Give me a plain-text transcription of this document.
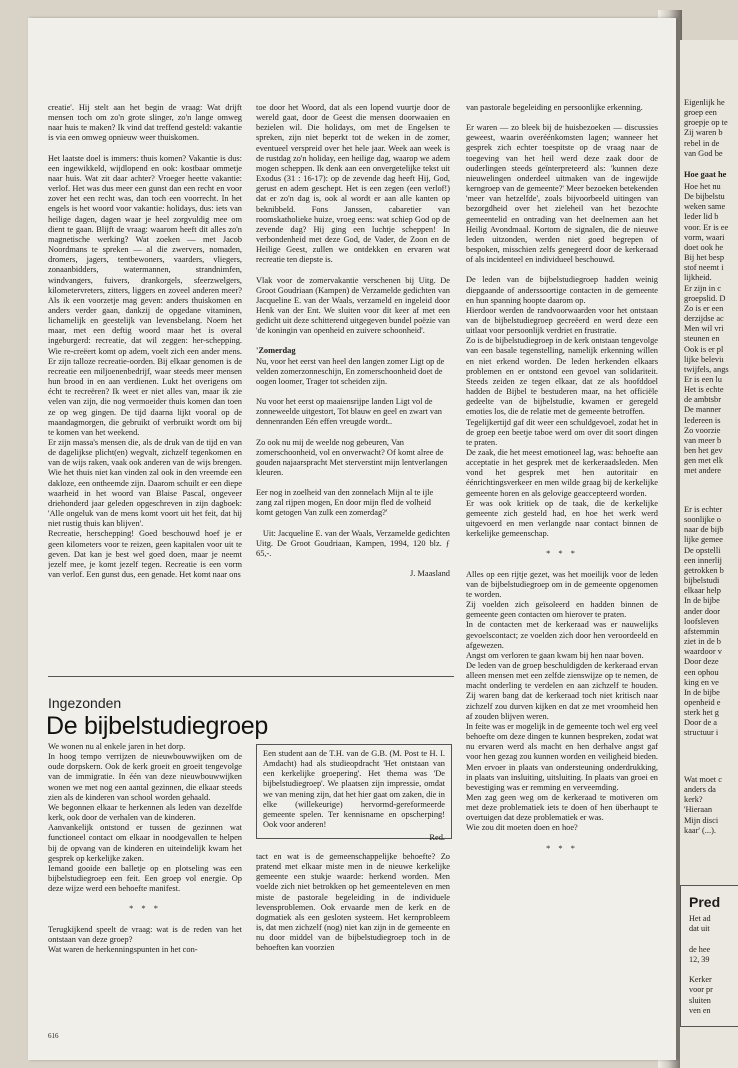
creatie'. Hij stelt aan het begin de vraag: Wat drijft mensen toch om zo'n grote slinger, zo'n lange omweg naar huis te maken? Ik vind dat treffend gesteld: vakantie is via een omweg opnieuw weer thuiskomen.

Het laatste doel is immers: thuis komen? Vakantie is dus: een ingewikkeld, wijdlopend en ook: kostbaar ommetje naar huis. Wat zit daar achter? Vroeger heette vakantie: verlof. Het was dus meer een gunst dan een recht en voor zover het een recht was, dan toch een voorrecht. In het engels is het woord voor vakantie: holidays, dus: iets van heilige dagen, dagen waar je heel zorgvuldig mee om dient te gaan. Blijft de vraag: waarom heeft dit alles zo'n magnetische werking? Wat zoeken — met Jacob Noordmans te spreken — al die zwervers, nomaden, dromers, jagers, tentbewoners, vaarders, vliegers, zonaanbidders, watermannen, strandnimfen, windvangers, fuivers, drankorgels, sfeerzwelgers, kilometervreters, zitters, liggers en zoveel anderen meer? Als ik een voorzetje mag geven: anders thuiskomen en anders verder gaan, dankzij de opgedane vitaminen, lichamelijk en geestelijk van levensbelang. Noem het maar, met een deftig woord maar het is overal ingeburgerd: recreatie, dat wil zeggen: her-schepping. Wie re-creëert komt op adem, voelt zich een ander mens. Er zijn talloze recreatie-oorden. Bij elkaar genomen is de recreatie een miljoenenbedrijf, waar steeds meer mensen hun brood in en aan verdienen. Lukt het overigens om écht te recreëren? Ik weet er niet alles van, maar ik zie velen van zijn, die nog vermoeider thuis komen dan toen ze op weg gingen. De tijd daarna lijkt vooral op de maandagmorgen, die gebruikt of verbruikt wordt om bij te komen van het weekend.

Er zijn massa's mensen die, als de druk van de tijd en van de dagelijkse plicht(en) wegvalt, zichzelf tegenkomen en van de wijs raken, vaak ook anderen van de wijs brengen. Wie het thuis niet kan vinden zal ook in den vreemde een dakloze, een ontheemde zijn. Daarom schuilt er een diepe waarheid in het woord van Blaise Pascal, ongeveer driehonderd jaar geleden opgeschreven in zijn dagboek: 'Alle ongeluk van de mens komt voort uit het feit, dat hij niet rustig thuis kan blijven'.

Recreatie, herschepping! Goed beschouwd hoef je er geen kilometers voor te reizen, geen kapitalen voor uit te geven. Dat kan je best wel goed doen, maar je neemt jezelf mee, je komt jezelf tegen. Recreatie is een vorm van verlof. Een gunst dus, een genade. Het komt naar ons

toe door het Woord, dat als een lopend vuurtje door de wereld gaat, door de Geest die mensen doorwaaien en bezielen wil. Die holidays, om met de Engelsen te spreken, zijn niet beperkt tot de weken in de zomer, eventueel verspreid over het hele jaar. Week aan week is de rustdag zo'n holiday, een heilige dag, waarop we adem mogen scheppen. Ik denk aan een onvergetelijke tekst uit Exodus (31 : 16-17): op de zevende dag heeft Hij, God, gerust en adem geschept. Het is een zegen (een verlof!) dat er zo'n dag is, ook al wordt er aan alle kanten op beknibbeld. Fons Janssen, cabaretier van roomskatholieke huize, vroeg eens: wat schiep God op de zevende dag? Hij ging een luchtje scheppen! In verbondenheid met deze God, de Vader, de Zoon en de Heilige Geest, zullen we ontdekken en ervaren wat recreatie ten diepste is.

Vlak voor de zomervakantie verschenen bij Uitg. De Groot Goudriaan (Kampen) de Verzamelde gedichten van Jacqueline E. van der Waals, verzameld en ingeleid door Henk van der Ent. We sluiten voor dit keer af met een gedicht uit deze schitterend uitgegeven bundel poëzie van 'de koningin van openheid en zuivere schoonheid'.

'Zomerdag

Nu, voor het eerst van heel den langen zomer Ligt op de velden zomerzonneschijn, En zomerschoonheid doet de oogen loomer, Trager tot scheiden zijn.

Nu voor het eerst op maaiensrijpe landen Ligt vol de zonneweelde uitgestort, Tot blauw en geel en zwart van dennenranden Eén effen vreugde wordt..

Zo ook nu mij de weelde nog gebeuren, Van zomerschoonheid, vol en onverwacht? Of komt alree de gouden najaarspracht Met sterverstint mijn lentverlangen kleuren.

Eer nog in zoelheid van den zonnelach Mijn al te ijle zang zal rijpen mogen, En door mijn fled de volheid komt getogen Van zulk een zomerdag?'

Uit: Jacqueline E. van der Waals, Verzamelde gedichten

Uitg. De Groot Goudriaan, Kampen, 1994, 120 blz. ƒ 65,-.

J. Maasland

van pastorale begeleiding en persoonlijke erkenning.

Er waren — zo bleek bij de huisbezoeken — discussies geweest, waarin overéénkomsten lagen; wanneer het gesprek zich echter toespitste op de vraag naar de toegeving van het heil werd deze zaak door de ouderlingen steeds geïnterpreteerd als: 'kunnen deze nieuwelingen onderdeel uitmaken van de ingewijde kerngroep van de gemeente?' Meer bezoeken betekenden 'meer van hetzelfde', zoals bijvoorbeeld uitingen van bezorgdheid over het zieleheil van het bezochte gemeentelid en ontrading van het deelnemen aan het Heilig Avondmaal. Kortom de signalen, die de nieuwe leden uitzonden, werden niet goed begrepen of bespoken, misschien zelfs genegeerd door de kerkeraad of als incidenteel en individueel beschouwd.

De leden van de bijbelstudiegroep hadden weinig diepgaande of anderssoortige contacten in de gemeente en hun spanning hoopte daarom op.

Hierdoor werden de randvoorwaarden voor het ontstaan van de bijbelstudiegroep gecreëerd en werd deze een uitlaat voor persoonlijk verdriet en frustratie.

Zo is de bijbelstudiegroep in de kerk ontstaan tengevolge van een basale tegenstelling, namelijk erkenning willen en niet erkend worden. De leden herkenden elkaars problemen en er ontstond een gevoel van solidariteit. Steeds zeiden ze tegen elkaar, dat ze als hoofddoel hadden de Bijbel te bestuderen maar, na het officiële gedeelte van de bijbelstudie, kwamen er geregeld emoties los, die de relatie met de gemeente betroffen.

Tegelijkertijd gaf dit weer een schuldgevoel, zodat het in de groep een beetje taboe werd om over dit soort dingen te praten.

De zaak, die het meest emotioneel lag, was: behoefte aan acceptatie in het gesprek met de kerkeraadsleden. Men vond het gesprek met hen autoritair en éénrichtingsverkeer en men wilde graag bij de kerkelijke gemeente horen en als gelovige geaccepteerd worden.

Er was ook kritiek op de taak, die de kerkelijke gemeente zich gesteld had, en hoe het werk werd uitgevoerd en men verlangde naar contact binnen de kerkelijke gemeenschap.

* * *

Alles op een rijtje gezet, was het moeilijk voor de leden van de bijbelstudiegroep om in de gemeente opgenomen te worden.

Zij voelden zich geïsoleerd en hadden binnen de gemeente geen contacten om hierover te praten.

In de contacten met de kerkeraad was er nauwelijks gevoelscontact; ze voelden zich door hen veroordeeld en afgewezen.

Angst om verloren te gaan kwam bij hen naar boven.

De leden van de groep beschuldigden de kerkeraad ervan alleen mensen met een zelfde zienswijze op te nemen, de macht onderling te verdelen en aan zichzelf te houden. Zij waren bang dat de kerkeraad toch niet kritisch naar zichzelf zou durven kijken en dat ze met vroomheid hen af zouden blijven weren.

In feite was er mogelijk in de gemeente toch wel erg veel behoefte om deze dingen te kunnen bespreken, zodat wat nu ervaren werd als macht en hen derhalve angst gaf voor hen gezag zou kunnen worden en veiligheid bieden. Men ervoer in plaats van ondersteuning onderdrukking, in plaats van insluiting, uitsluiting. In plaats van groei en bevestiging was er remming en verveemding.

Men zag geen weg om de kerkeraad te motiveren om met deze problematiek iets te doen of hen überhaupt te overtuigen dat deze problematiek er was.

Wie zou dit moeten doen en hoe?

* * *

Ingezonden
De bijbelstudiegroep

We wonen nu al enkele jaren in het dorp.

In hoog tempo verrijzen de nieuwbouwwijken om de oude dorpskern. Ook de kerk groeit en groeit tengevolge van de immigratie. In één van deze nieuwbouwwijken wonen we met nog een aantal gezinnen, die elkaar steeds zien als de kinderen van school worden gehaald.

We begonnen elkaar te herkennen als leden van dezelfde kerk, ook door de verhalen van de kinderen.

Aanvankelijk ontstond er tussen de gezinnen wat functioneel contact om elkaar in noodgevallen te helpen bij de opvang van de kinderen en uiteindelijk kwam het gesprek op kerkelijke zaken.

Iemand gooide een balletje op en plotseling was een bijbelstudiegroep een feit. Een groep vol energie. Op deze wijze werd een behoefte manifest.

* * *

Terugkijkend speelt de vraag: wat is de reden van het ontstaan van deze groep?

Wat waren de herkenningspunten in het con-

Een student aan de T.H. van de G.B. (M. Post te H. I. Amdacht) had als studieopdracht 'Het ontstaan van een kerkelijke groepering'. Het thema was 'De bijbelstudiegroep'. We plaatsen zijn impressie, omdat we van mening zijn, dat het hier gaat om zaken, die in elke (willekeurige) hervormd-gereformeerde gemeente spelen. Ter kennisname en opscherping! Ook voor anderen!

Red.

tact en wat is de gemeenschappelijke behoefte? Zo pratend met elkaar miste men in de nieuwe kerkelijke gemeente een stukje waarde: herkend worden. Men voelde zich niet betrokken op het gemeenteleven en men miste de pastorale begeleiding in de individuele levensproblemen. Ook ervaarde men de kerk en de dogmatiek als een gesloten systeem. Het kernprobleem is, dat men zichzelf (nog) niet kan zijn in de gemeente en nu door middel van de bijbelstudiegroep toch in de behoeften kan voorzien

616
Eigenlijk he
groep een
groepje op te
Zij waren b
rebel in de
van God be
Hoe gaat he
Hoe het nu
De bijbelstu
weken same
Ieder lid b
voor. Er is ee
vorm, waari
doet ook he
Bij het besp
stof neemt i
lijkheid.
Er zijn in c
groepslid. D
Zo is er een
derzijdse ac
Men wil vri
steunen en
Ook is er pl
lijke beleviı
twijfels, angs
Er is een lu
Het is echte
de ambtsbr
De manner
Iedereen is
Zo voorzie
van meer b
ben het gev
gen met elk
met andere
Er is echter
soonlijke o
naar de bijb
lijke gemee
De opstelli
een innerlij
getrokken b
bijbelstudi
elkaar help
In de bijbe
ander door
loofsleven
afstemmin
ziet in de b
waardoor v
Door deze
een ophou
king en ve
In de bijbe
openheid e
sterk het g
Door de a
structuur i
Wat moet c
anders da
kerk?
'Hieraan
Mijn disci
kaar' (...).
Pred
Het ad
dat uit

de hee
12, 39

Kerker
voor pr
sluiten
ven en
